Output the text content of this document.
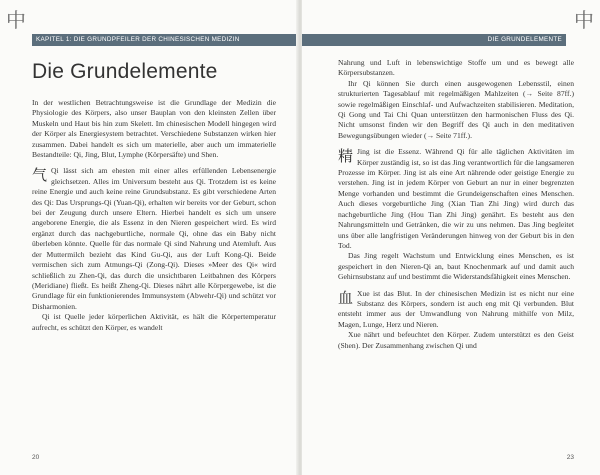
中
KAPITEL 1: DIE GRUNDPFEILER DER CHINESISCHEN MEDIZIN
Die Grundelemente

In der westlichen Betrachtungsweise ist die Grundlage der Medizin die Physiologie des Körpers, also unser Bauplan von den kleinsten Zellen über Muskeln und Haut bis hin zum Skelett. Im chinesischen Modell hingegen wird der Körper als Energiesystem betrachtet. Verschiedene Substanzen wirken hier zusammen. Dabei handelt es sich um materielle, aber auch um immaterielle Bestandteile: Qi, Jing, Blut, Lymphe (Körpersäfte) und Shen.

气 Qi lässt sich am ehesten mit einer alles erfüllenden Lebensenergie gleichsetzen. Alles im Universum besteht aus Qi. Trotzdem ist es keine reine Energie und auch keine reine Grundsubstanz. Es gibt verschiedene Arten des Qi: Das Ursprungs-Qi (Yuan-Qi), erhalten wir bereits vor der Geburt, schon bei der Zeugung durch unsere Eltern. Hierbei handelt es sich um unsere angeborene Energie, die als Essenz in den Nieren gespeichert wird. Es wird ergänzt durch das nachgeburtliche, normale Qi, ohne das ein Baby nicht überleben könnte. Quelle für das normale Qi sind Nahrung und Atemluft. Aus der Muttermilch bezieht das Kind Gu-Qi, aus der Luft Kong-Qi. Beide vermischen sich zum Atmungs-Qi (Zong-Qi). Dieses »Meer des Qi« wird schließlich zu Zhen-Qi, das durch die unsichtbaren Leitbahnen des Körpers (Meridiane) fließt. Es heißt Zheng-Qi. Dieses nährt alle Körpergewebe, ist die Grundlage für ein funktionierendes Immunsystem (Abwehr-Qi) und schützt vor Disharmonien.

Qi ist Quelle jeder körperlichen Aktivität, es hält die Körpertemperatur aufrecht, es schützt den Körper, es wandelt

20
中
DIE GRUNDELEMENTE

Nahrung und Luft in lebenswichtige Stoffe um und es bewegt alle Körpersubstanzen.

Ihr Qi können Sie durch einen ausgewogenen Lebensstil, einen strukturierten Tagesablauf mit regelmäßigen Mahlzeiten (→ Seite 87ff.) sowie regelmäßigen Einschlaf- und Aufwachzeiten stabilisieren. Meditation, Qi Gong und Tai Chi Quan unterstützen den harmonischen Fluss des Qi. Nicht umsonst finden wir den Begriff des Qi auch in den meditativen Bewegungsübungen wieder (→ Seite 71ff.).

精 Jing ist die Essenz. Während Qi für alle täglichen Aktivitäten im Körper zuständig ist, so ist das Jing verantwortlich für die langsameren Prozesse im Körper. Jing ist als eine Art nährende oder geistige Energie zu verstehen. Jing ist in jedem Körper von Geburt an nur in einer begrenzten Menge vorhanden und bestimmt die Grundeigenschaften eines Menschen. Auch dieses vorgeburtliche Jing (Xian Tian Zhi Jing) wird durch das nachgeburtliche Jing (Hou Tian Zhi Jing) genährt. Es besteht aus den Nahrungsmitteln und Getränken, die wir zu uns nehmen. Das Jing begleitet uns über alle langfristigen Veränderungen hinweg von der Geburt bis in den Tod.

Das Jing regelt Wachstum und Entwicklung eines Menschen, es ist gespeichert in den Nieren-Qi an, baut Knochenmark auf und damit auch Gehirnsubstanz auf und bestimmt die Widerstandsfähigkeit eines Menschen.

血 Xue ist das Blut. In der chinesischen Medizin ist es nicht nur eine Substanz des Körpers, sondern ist auch eng mit Qi verbunden. Blut entsteht immer aus der Umwandlung von Nahrung mithilfe von Milz, Magen, Lunge, Herz und Nieren.

Xue nährt und befeuchtet den Körper. Zudem unterstützt es den Geist (Shen). Der Zusammenhang zwischen Qi und

23
